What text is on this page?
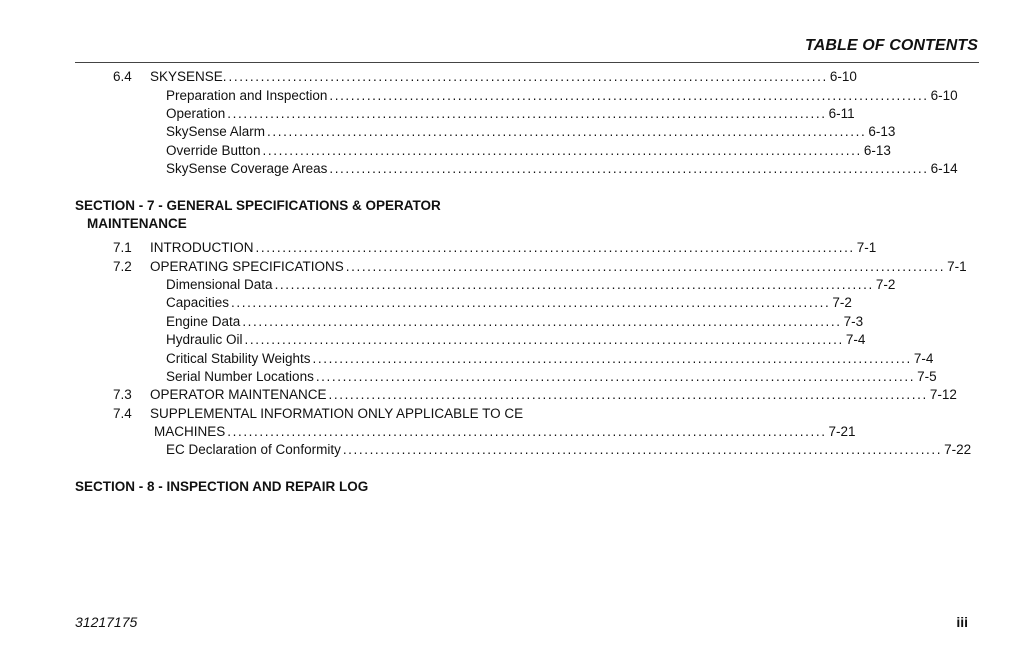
TABLE OF CONTENTS
6.4 SKYSENSE. ................................................................................................................ 6-10
Preparation and Inspection ................................................................................................................ 6-10
Operation ................................................................................................................ 6-11
SkySense Alarm ................................................................................................................ 6-13
Override Button ................................................................................................................ 6-13
SkySense Coverage Areas ................................................................................................................ 6-14
SECTION - 7 - GENERAL SPECIFICATIONS & OPERATOR
MAINTENANCE
7.1 INTRODUCTION ................................................................................................................ 7-1
7.2 OPERATING SPECIFICATIONS ................................................................................................................ 7-1
Dimensional Data ................................................................................................................ 7-2
Capacities ................................................................................................................ 7-2
Engine Data ................................................................................................................ 7-3
Hydraulic Oil ................................................................................................................ 7-4
Critical Stability Weights ................................................................................................................ 7-4
Serial Number Locations ................................................................................................................ 7-5
7.3 OPERATOR MAINTENANCE ................................................................................................................ 7-12
7.4 SUPPLEMENTAL INFORMATION ONLY APPLICABLE TO CE
MACHINES ................................................................................................................ 7-21
EC Declaration of Conformity ................................................................................................................ 7-22
SECTION - 8 - INSPECTION AND REPAIR LOG
31217175	iii
